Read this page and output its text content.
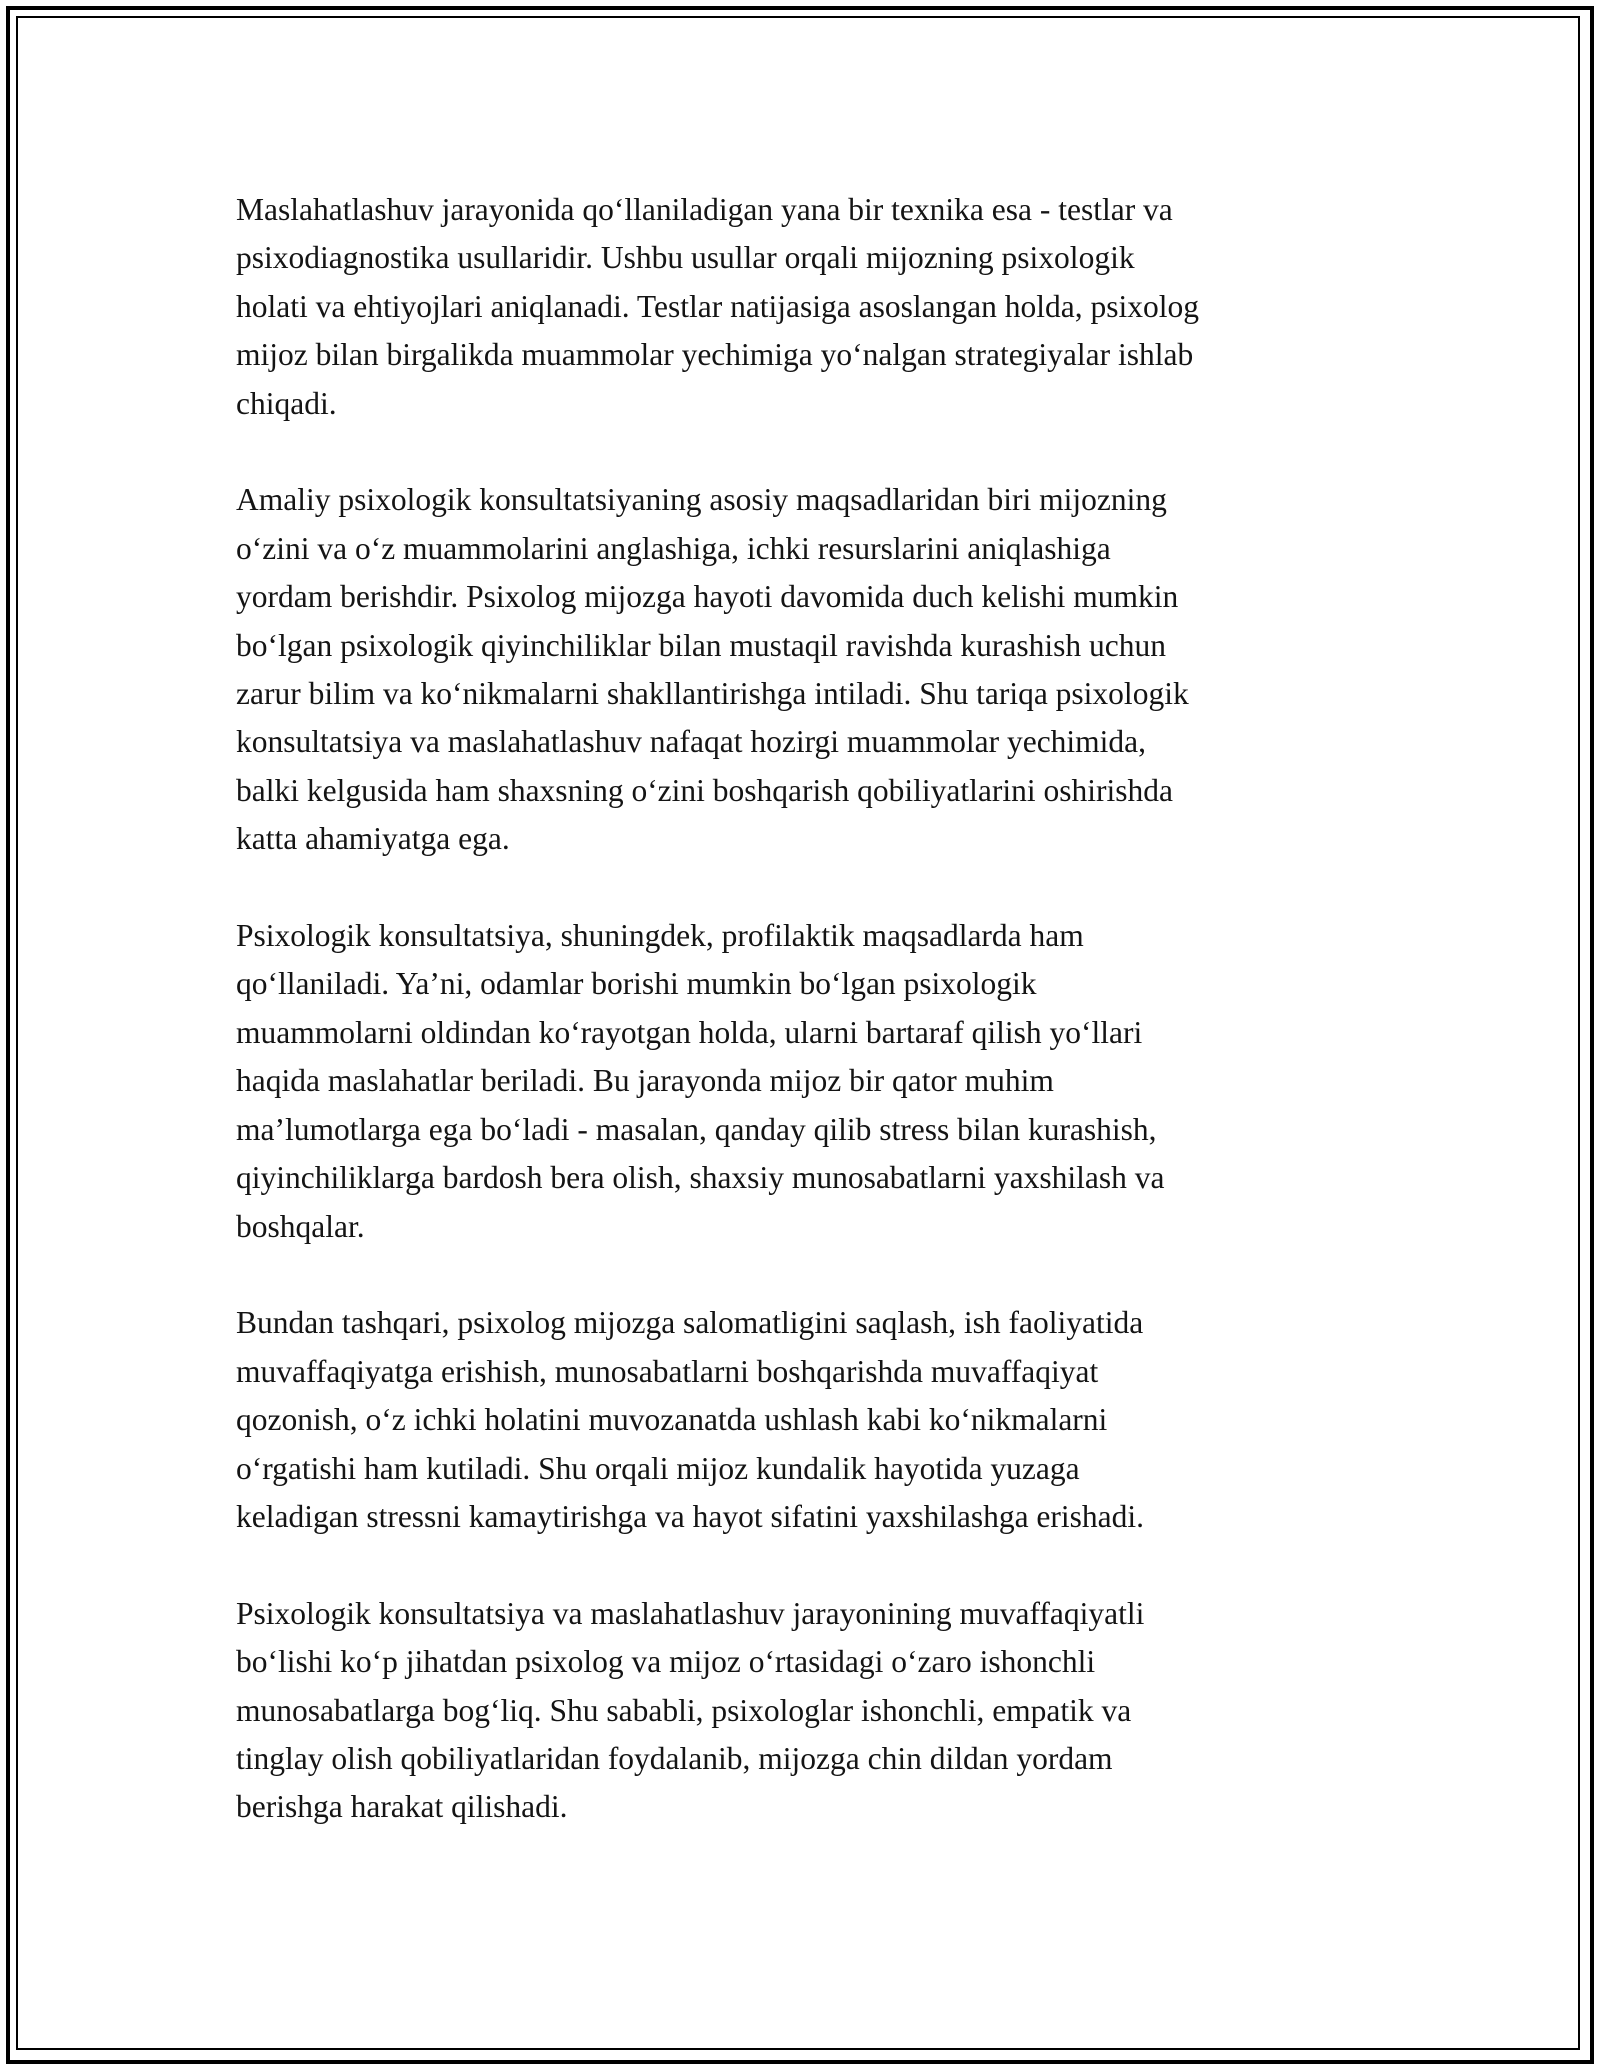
Maslahatlashuv jarayonida qo‘llaniladigan yana bir texnika esa - testlar va
psixodiagnostika usullaridir. Ushbu usullar orqali mijozning psixologik
holati va ehtiyojlari aniqlanadi. Testlar natijasiga asoslangan holda, psixolog
mijoz bilan birgalikda muammolar yechimiga yo‘nalgan strategiyalar ishlab
chiqadi.

Amaliy psixologik konsultatsiyaning asosiy maqsadlaridan biri mijozning
o‘zini va o‘z muammolarini anglashiga, ichki resurslarini aniqlashiga
yordam berishdir. Psixolog mijozga hayoti davomida duch kelishi mumkin
bo‘lgan psixologik qiyinchiliklar bilan mustaqil ravishda kurashish uchun
zarur bilim va ko‘nikmalarni shakllantirishga intiladi. Shu tariqa psixologik
konsultatsiya va maslahatlashuv nafaqat hozirgi muammolar yechimida,
balki kelgusida ham shaxsning o‘zini boshqarish qobiliyatlarini oshirishda
katta ahamiyatga ega.

Psixologik konsultatsiya, shuningdek, profilaktik maqsadlarda ham
qo‘llaniladi. Ya’ni, odamlar borishi mumkin bo‘lgan psixologik
muammolarni oldindan ko‘rayotgan holda, ularni bartaraf qilish yo‘llari
haqida maslahatlar beriladi. Bu jarayonda mijoz bir qator muhim
ma’lumotlarga ega bo‘ladi - masalan, qanday qilib stress bilan kurashish,
qiyinchiliklarga bardosh bera olish, shaxsiy munosabatlarni yaxshilash va
boshqalar.

Bundan tashqari, psixolog mijozga salomatligini saqlash, ish faoliyatida
muvaffaqiyatga erishish, munosabatlarni boshqarishda muvaffaqiyat
qozonish, o‘z ichki holatini muvozanatda ushlash kabi ko‘nikmalarni
o‘rgatishi ham kutiladi. Shu orqali mijoz kundalik hayotida yuzaga
keladigan stressni kamaytirishga va hayot sifatini yaxshilashga erishadi.

Psixologik konsultatsiya va maslahatlashuv jarayonining muvaffaqiyatli
bo‘lishi ko‘p jihatdan psixolog va mijoz o‘rtasidagi o‘zaro ishonchli
munosabatlarga bog‘liq. Shu sababli, psixologlar ishonchli, empatik va
tinglay olish qobiliyatlaridan foydalanib, mijozga chin dildan yordam
berishga harakat qilishadi.
